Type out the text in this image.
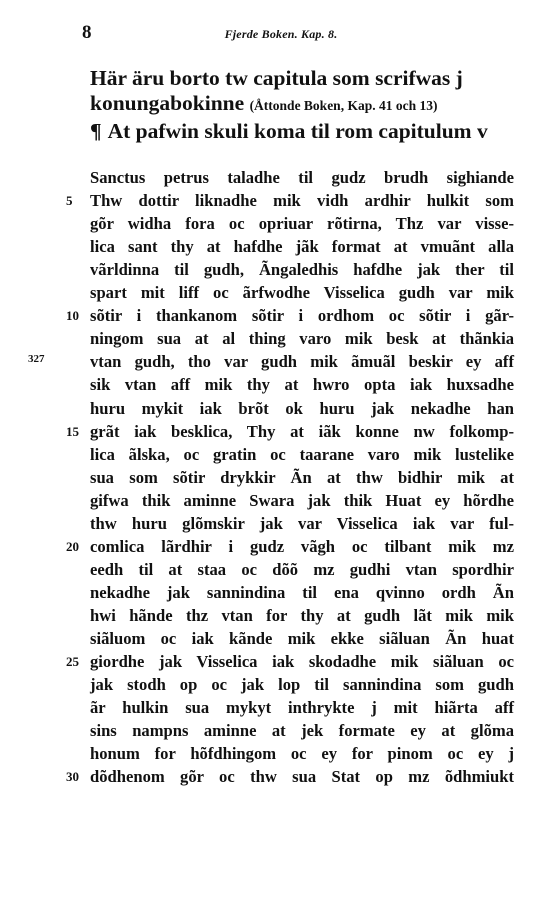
8	Fjerde Boken. Kap. 8.
Här äru borto tw capitula som scrifwas j
konungabokinne (Åttonde Boken, Kap. 41 och 13)
¶ At pafwin skuli koma til rom capitulum v
327
Sanctus petrus taladhe til gudz brudh sighiande
Thw dottir liknadhe mik vidh ardhir hulkit som
5
gõr widha fora oc opriuar rõtirna, Thz var visse-
lica sant thy at hafdhe jãk format at vmuãnt alla
vãrldinna til gudh, Ãngaledhis hafdhe jak ther til
spart mit liff oc ãrfwodhe Visselica gudh var mik
sõtir i thankanom sõtir i ordhom oc sõtir i gãr-
10
ningom sua at al thing varo mik besk at thãnkia
vtan gudh, tho var gudh mik ãmuãl beskir ey aff
sik vtan aff mik thy at hwro opta iak huxsadhe
huru mykit iak brõt ok huru jak nekadhe han
grãt iak besklica, Thy at iãk konne nw folkomp-
15
lica ãlska, oc gratin oc taarane varo mik lustelike
sua som sõtir drykkir Ãn at thw bidhir mik at
gifwa thik aminne Swara jak thik Huat ey hõrdhe
thw huru glõmskir jak var Visselica iak var ful-
comlica lãrdhir i gudz vãgh oc tilbant mik mz
20
eedh til at staa oc dõõ mz gudhi vtan spordhir
nekadhe jak sannindina til ena qvinno ordh Ãn
hwi hãnde thz vtan for thy at gudh lãt mik mik
siãluom oc iak kãnde mik ekke siãluan Ãn huat
giordhe jak Visselica iak skodadhe mik siãluan oc
25
jak stodh op oc jak lop til sannindina som gudh
ãr hulkin sua mykyt inthrykte j mit hiãrta aff
sins nampns aminne at jek formate ey at glõma
honum for hõfdhingom oc ey for pinom oc ey j
dõdhenom gõr oc thw sua Stat op mz õdhmiukt
30
